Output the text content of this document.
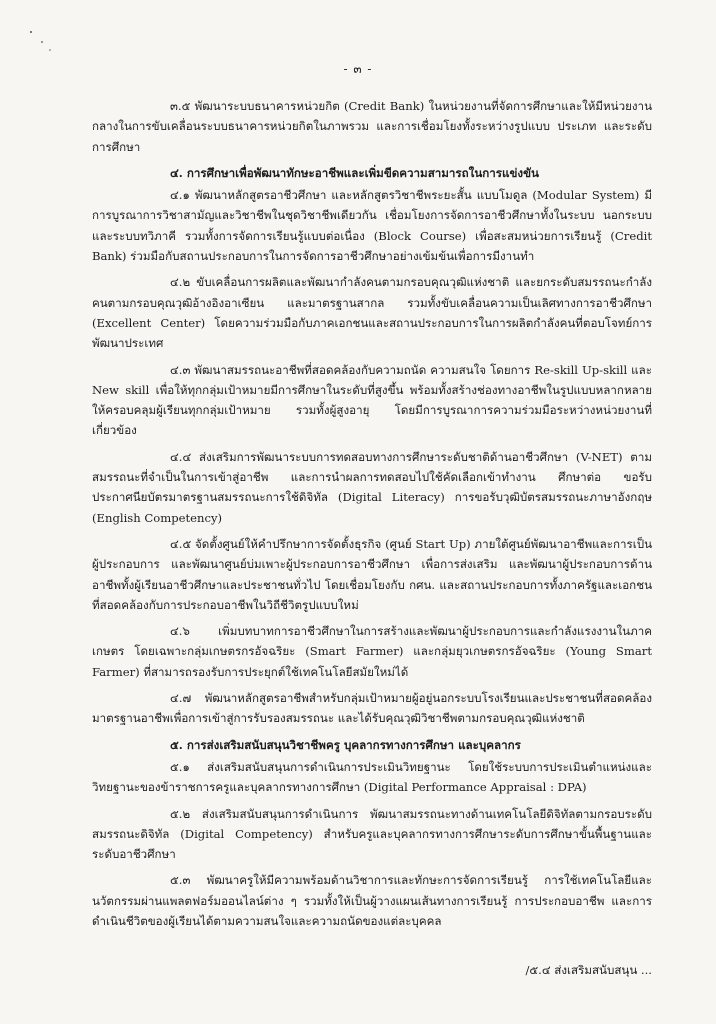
- ๓ -

๓.๕ พัฒนาระบบธนาคารหน่วยกิต (Credit Bank) ในหน่วยงานที่จัดการศึกษาและให้มีหน่วยงานกลางในการขับเคลื่อนระบบธนาคารหน่วยกิตในภาพรวม และการเชื่อมโยงทั้งระหว่างรูปแบบ ประเภท และระดับการศึกษา

๔. การศึกษาเพื่อพัฒนาทักษะอาชีพและเพิ่มขีดความสามารถในการแข่งขัน

๔.๑ พัฒนาหลักสูตรอาชีวศึกษา และหลักสูตรวิชาชีพระยะสั้น แบบโมดูล (Modular System) มีการบูรณาการวิชาสามัญและวิชาชีพในชุดวิชาชีพเดียวกัน เชื่อมโยงการจัดการอาชีวศึกษาทั้งในระบบ นอกระบบ และระบบทวิภาคี รวมทั้งการจัดการเรียนรู้แบบต่อเนื่อง (Block Course) เพื่อสะสมหน่วยการเรียนรู้ (Credit Bank) ร่วมมือกับสถานประกอบการในการจัดการอาชีวศึกษาอย่างเข้มข้นเพื่อการมีงานทำ

๔.๒ ขับเคลื่อนการผลิตและพัฒนากำลังคนตามกรอบคุณวุฒิแห่งชาติ และยกระดับสมรรถนะกำลังคนตามกรอบคุณวุฒิอ้างอิงอาเซียน และมาตรฐานสากล รวมทั้งขับเคลื่อนความเป็นเลิศทางการอาชีวศึกษา (Excellent Center) โดยความร่วมมือกับภาคเอกชนและสถานประกอบการในการผลิตกำลังคนที่ตอบโจทย์การพัฒนาประเทศ

๔.๓ พัฒนาสมรรถนะอาชีพที่สอดคล้องกับความถนัด ความสนใจ โดยการ Re-skill Up-skill และ New skill เพื่อให้ทุกกลุ่มเป้าหมายมีการศึกษาในระดับที่สูงขึ้น พร้อมทั้งสร้างช่องทางอาชีพในรูปแบบหลากหลายให้ครอบคลุมผู้เรียนทุกกลุ่มเป้าหมาย รวมทั้งผู้สูงอายุ โดยมีการบูรณาการความร่วมมือระหว่างหน่วยงานที่เกี่ยวข้อง

๔.๔ ส่งเสริมการพัฒนาระบบการทดสอบทางการศึกษาระดับชาติด้านอาชีวศึกษา (V-NET) ตามสมรรถนะที่จำเป็นในการเข้าสู่อาชีพ และการนำผลการทดสอบไปใช้คัดเลือกเข้าทำงาน ศึกษาต่อ ขอรับประกาศนียบัตรมาตรฐานสมรรถนะการใช้ดิจิทัล (Digital Literacy) การขอรับวุฒิบัตรสมรรถนะภาษาอังกฤษ (English Competency)

๔.๕ จัดตั้งศูนย์ให้คำปรึกษาการจัดตั้งธุรกิจ (ศูนย์ Start Up) ภายใต้ศูนย์พัฒนาอาชีพและการเป็นผู้ประกอบการ และพัฒนาศูนย์บ่มเพาะผู้ประกอบการอาชีวศึกษา เพื่อการส่งเสริม และพัฒนาผู้ประกอบการด้านอาชีพทั้งผู้เรียนอาชีวศึกษาและประชาชนทั่วไป โดยเชื่อมโยงกับ กศน. และสถานประกอบการทั้งภาครัฐและเอกชนที่สอดคล้องกับการประกอบอาชีพในวิถีชีวิตรูปแบบใหม่

๔.๖ เพิ่มบทบาทการอาชีวศึกษาในการสร้างและพัฒนาผู้ประกอบการและกำลังแรงงานในภาคเกษตร โดยเฉพาะกลุ่มเกษตรกรอัจฉริยะ (Smart Farmer) และกลุ่มยุวเกษตรกรอัจฉริยะ (Young Smart Farmer) ที่สามารถรองรับการประยุกต์ใช้เทคโนโลยีสมัยใหม่ได้

๔.๗ พัฒนาหลักสูตรอาชีพสำหรับกลุ่มเป้าหมายผู้อยู่นอกระบบโรงเรียนและประชาชนที่สอดคล้องมาตรฐานอาชีพเพื่อการเข้าสู่การรับรองสมรรถนะ และได้รับคุณวุฒิวิชาชีพตามกรอบคุณวุฒิแห่งชาติ

๕. การส่งเสริมสนับสนุนวิชาชีพครู บุคลากรทางการศึกษา และบุคลากร

๕.๑ ส่งเสริมสนับสนุนการดำเนินการประเมินวิทยฐานะ โดยใช้ระบบการประเมินตำแหน่งและวิทยฐานะของข้าราชการครูและบุคลากรทางการศึกษา (Digital Performance Appraisal : DPA)

๕.๒ ส่งเสริมสนับสนุนการดำเนินการ พัฒนาสมรรถนะทางด้านเทคโนโลยีดิจิทัลตามกรอบระดับสมรรถนะดิจิทัล (Digital Competency) สำหรับครูและบุคลากรทางการศึกษาระดับการศึกษาขั้นพื้นฐานและระดับอาชีวศึกษา

๕.๓ พัฒนาครูให้มีความพร้อมด้านวิชาการและทักษะการจัดการเรียนรู้ การใช้เทคโนโลยีและนวัตกรรมผ่านแพลตฟอร์มออนไลน์ต่าง ๆ รวมทั้งให้เป็นผู้วางแผนเส้นทางการเรียนรู้ การประกอบอาชีพ และการดำเนินชีวิตของผู้เรียนได้ตามความสนใจและความถนัดของแต่ละบุคคล

/๕.๔ ส่งเสริมสนับสนุน ...
